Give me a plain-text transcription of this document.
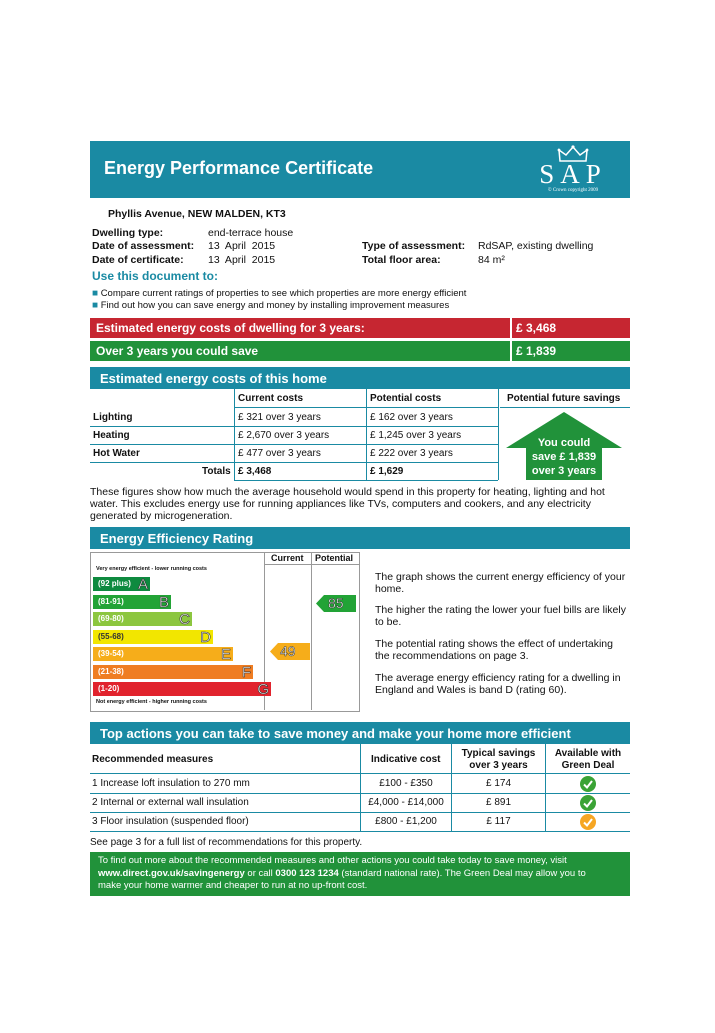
Energy Performance Certificate	SAP
© Crown copyright 2009
Phyllis Avenue, NEW MALDEN, KT3
Dwelling type:	end-terrace house
Date of assessment: 13  April  2015
Date of certificate: 13  April  2015
Type of assessment: RdSAP, existing dwelling
Total floor area:	84 m²
Use this document to:
■ Compare current ratings of properties to see which properties are more energy efficient
■ Find out how you can save energy and money by installing improvement measures
Estimated energy costs of dwelling for 3 years:	£ 3,468
Over 3 years you could save	£ 1,839
Estimated energy costs of this home
Current costs	Potential costs	Potential future savings
Lighting	£ 321 over 3 years	£ 162 over 3 years
Heating	£ 2,670 over 3 years	£ 1,245 over 3 years
Hot Water	£ 477 over 3 years	£ 222 over 3 years
Totals £ 3,468	£ 1,629
You could
save £ 1,839
over 3 years
These figures show how much the average household would spend in this property for heating, lighting and hot water. This excludes energy use for running appliances like TVs, computers and cookers, and any electricity generated by microgeneration.
Energy Efficiency Rating
Current Potential
Very energy efficient - lower running costs
Not energy efficient - higher running costs
(92 plus) A
(81-91) B
(69-80)	C
(55-68)	D
(39-54)	E
(21-38)	F
(1-20)	G
49
85
The graph shows the current energy efficiency of your home.
The higher the rating the lower your fuel bills are likely to be.
The potential rating shows the effect of undertaking the recommendations on page 3.
The average energy efficiency rating for a dwelling in England and Wales is band D (rating 60).
Top actions you can take to save money and make your home more efficient
Recommended measures	Indicative cost
Typical savings
over 3 years
Available with
Green Deal
1 Increase loft insulation to 270 mm	£100 - £350	£ 174
2 Internal or external wall insulation	£4,000 - £14,000	£ 891
3 Floor insulation (suspended floor)	£800 - £1,200	£ 117
See page 3 for a full list of recommendations for this property.
To find out more about the recommended measures and other actions you could take today to save money, visit
www.direct.gov.uk/savingenergy or call 0300 123 1234 (standard national rate). The Green Deal may allow you to
make your home warmer and cheaper to run at no up-front cost.
